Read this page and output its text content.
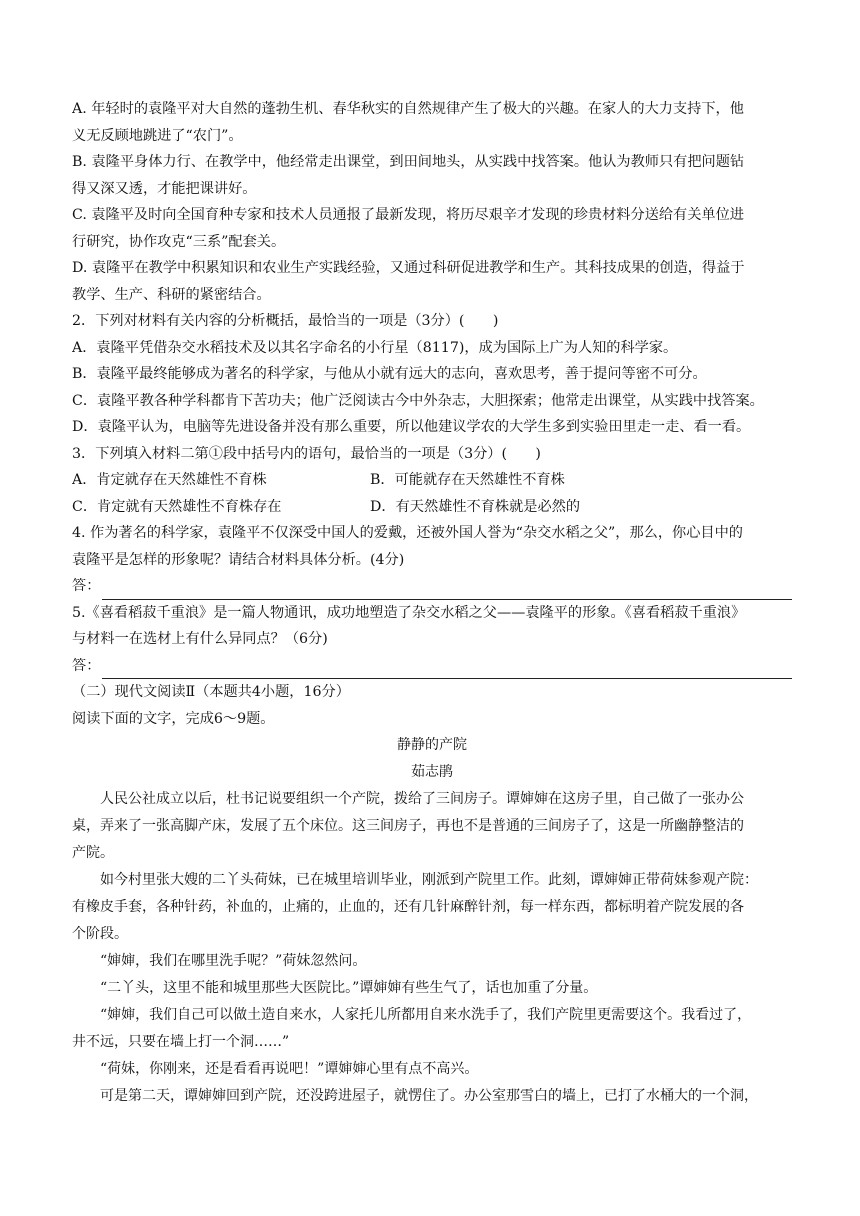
A. 年轻时的袁隆平对大自然的蓬勃生机、春华秋实的自然规律产生了极大的兴趣。在家人的大力支持下，他
义无反顾地跳进了“农门”。
B. 袁隆平身体力行、在教学中，他经常走出课堂，到田间地头，从实践中找答案。他认为教师只有把问题钻
得又深又透，才能把课讲好。
C. 袁隆平及时向全国育种专家和技术人员通报了最新发现，将历尽艰辛才发现的珍贵材料分送给有关单位进
行研究，协作攻克“三系”配套关。
D. 袁隆平在教学中积累知识和农业生产实践经验，又通过科研促进教学和生产。其科技成果的创造，得益于
教学、生产、科研的紧密结合。
2．下列对材料有关内容的分析概括，最恰当的一项是（3分）(　　)
A．袁隆平凭借杂交水稻技术及以其名字命名的小行星（8117)，成为国际上广为人知的科学家。
B．袁隆平最终能够成为著名的科学家，与他从小就有远大的志向，喜欢思考，善于提问等密不可分。
C．袁隆平教各种学科都肯下苦功夫；他广泛阅读古今中外杂志，大胆探索；他常走出课堂，从实践中找答案。
D．袁隆平认为，电脑等先进设备并没有那么重要，所以他建议学农的大学生多到实验田里走一走、看一看。
3．下列填入材料二第①段中括号内的语句，最恰当的一项是（3分）(　　)
A．肯定就存在天然雄性不育株	B．可能就存在天然雄性不育株
C．肯定就有天然雄性不育株存在	D．有天然雄性不育株就是必然的
4. 作为著名的科学家，袁隆平不仅深受中国人的爱戴，还被外国人誉为“杂交水稻之父”，那么，你心目中的
袁隆平是怎样的形象呢？请结合材料具体分析。(4分)
答：
5.《喜看稻菽千重浪》是一篇人物通讯，成功地塑造了杂交水稻之父——袁隆平的形象。《喜看稻菽千重浪》
与材料一在选材上有什么异同点？（6分)
答：
（二）现代文阅读Ⅱ（本题共4小题，16分）
阅读下面的文字，完成6～9题。
静静的产院
茹志鹃
人民公社成立以后，杜书记说要组织一个产院，拨给了三间房子。谭婶婶在这房子里，自己做了一张办公
桌，弄来了一张高脚产床，发展了五个床位。这三间房子，再也不是普通的三间房子了，这是一所幽静整洁的
产院。
如今村里张大嫂的二丫头荷妹，已在城里培训毕业，刚派到产院里工作。此刻，谭婶婶正带荷妹参观产院：
有橡皮手套，各种针药，补血的，止痛的，止血的，还有几针麻醉针剂，每一样东西，都标明着产院发展的各
个阶段。
“婶婶，我们在哪里洗手呢？”荷妹忽然问。
“二丫头，这里不能和城里那些大医院比。”谭婶婶有些生气了，话也加重了分量。
“婶婶，我们自己可以做土造自来水，人家托儿所都用自来水洗手了，我们产院里更需要这个。我看过了，
井不远，只要在墙上打一个洞……”
“荷妹，你刚来，还是看看再说吧！”谭婶婶心里有点不高兴。
可是第二天，谭婶婶回到产院，还没跨进屋子，就愣住了。办公室那雪白的墙上，已打了水桶大的一个洞，
